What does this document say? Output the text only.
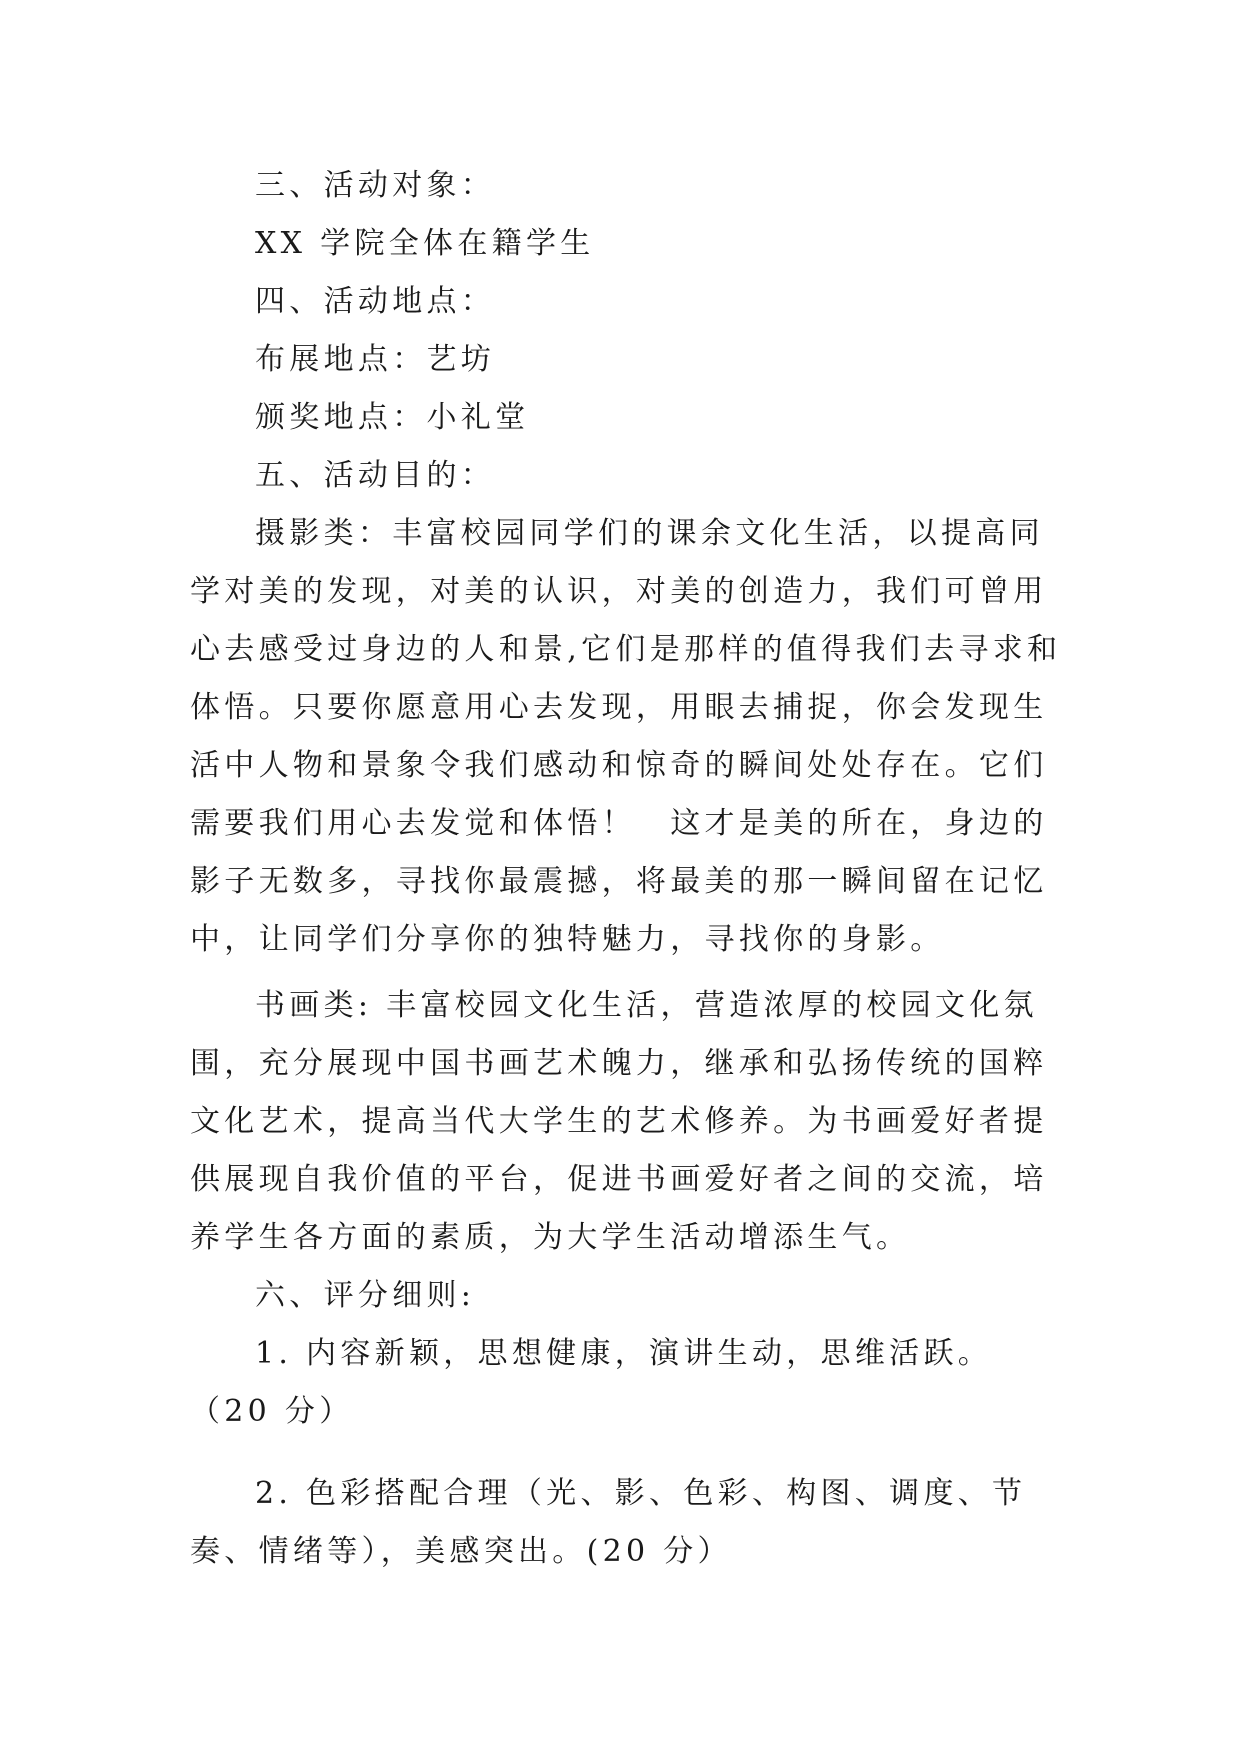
三、活动对象：

XX 学院全体在籍学生

四、活动地点：

布展地点：艺坊

颁奖地点：小礼堂

五、活动目的：

摄影类：丰富校园同学们的课余文化生活，以提高同学对美的发现，对美的认识，对美的创造力，我们可曾用心去感受过身边的人和景,它们是那样的值得我们去寻求和体悟。只要你愿意用心去发现，用眼去捕捉，你会发现生活中人物和景象令我们感动和惊奇的瞬间处处存在。它们需要我们用心去发觉和体悟！　这才是美的所在，身边的影子无数多，寻找你最震撼，将最美的那一瞬间留在记忆中，让同学们分享你的独特魅力，寻找你的身影。

书画类: 丰富校园文化生活，营造浓厚的校园文化氛围，充分展现中国书画艺术魄力，继承和弘扬传统的国粹文化艺术，提高当代大学生的艺术修养。为书画爱好者提供展现自我价值的平台，促进书画爱好者之间的交流，培养学生各方面的素质，为大学生活动增添生气。

六、评分细则:

1. 内容新颖，思想健康，演讲生动，思维活跃。 （20 分）

2. 色彩搭配合理（光、影、色彩、构图、调度、节奏、情绪等），美感突出。(20 分）
